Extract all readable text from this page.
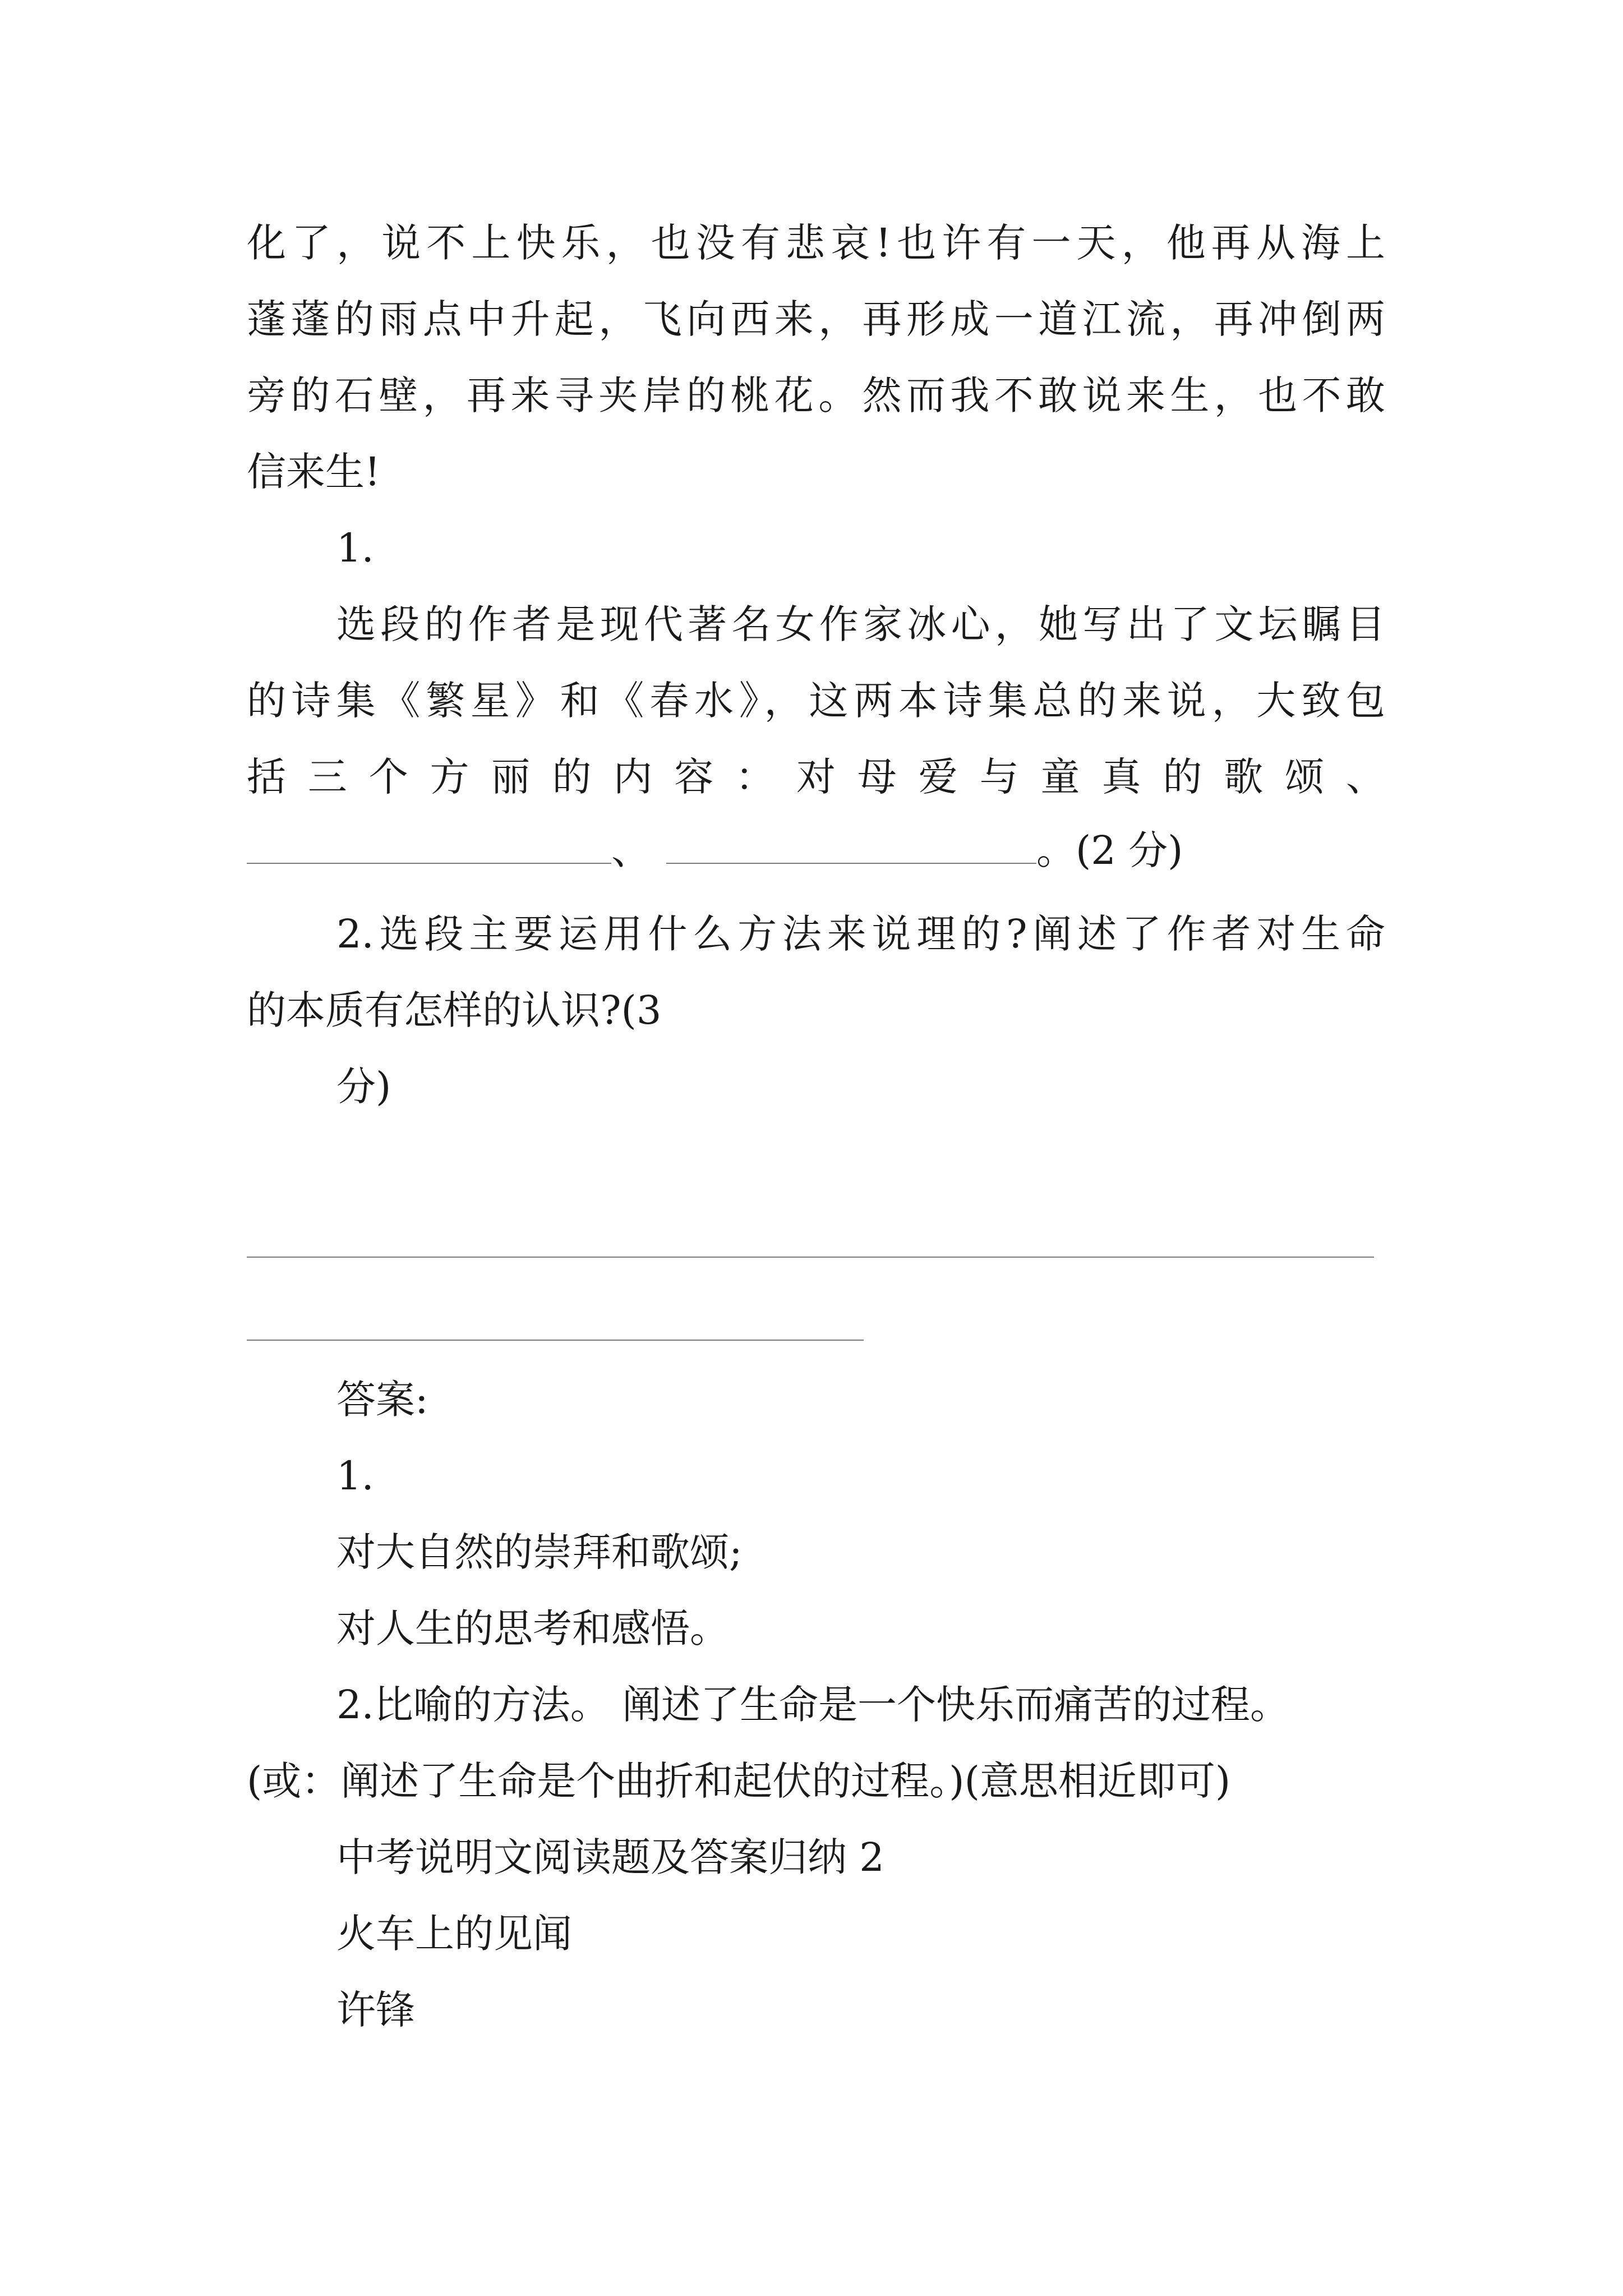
化了，说不上快乐，也没有悲哀!也许有一天，他再从海上
蓬蓬的雨点中升起，飞向西来，再形成一道江流，再冲倒两
旁的石壁，再来寻夹岸的桃花。然而我不敢说来生，也不敢
信来生!
1.
选段的作者是现代著名女作家冰心，她写出了文坛瞩目
的诗集《繁星》和《春水》，这两本诗集总的来说，大致包
括三个方丽的内容：对母爱与童真的歌颂、
、	。(2 分)
2.选段主要运用什么方法来说理的?阐述了作者对生命
的本质有怎样的认识?(3
分)
答案:
1.
对大自然的崇拜和歌颂;
对人生的思考和感悟。
2.比喻的方法。 阐述了生命是一个快乐而痛苦的过程。
(或：阐述了生命是个曲折和起伏的过程。)(意思相近即可)
中考说明文阅读题及答案归纳 2
火车上的见闻
许锋
